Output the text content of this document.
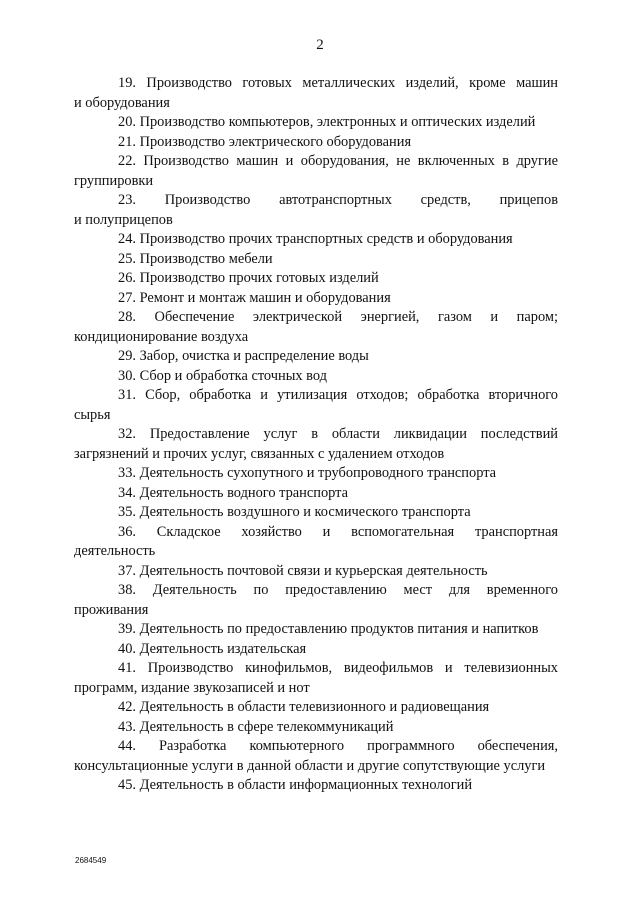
2

19. Производство готовых металлических изделий, кроме машин
и оборудования

20. Производство компьютеров, электронных и оптических изделий

21. Производство электрического оборудования

22. Производство машин и оборудования, не включенных в другие
группировки

23. Производство автотранспортных средств, прицепов
и полуприцепов

24. Производство прочих транспортных средств и оборудования

25. Производство мебели

26. Производство прочих готовых изделий

27. Ремонт и монтаж машин и оборудования

28. Обеспечение электрической энергией, газом и паром;
кондиционирование воздуха

29. Забор, очистка и распределение воды

30. Сбор и обработка сточных вод

31. Сбор, обработка и утилизация отходов; обработка вторичного
сырья

32. Предоставление услуг в области ликвидации последствий
загрязнений и прочих услуг, связанных с удалением отходов

33. Деятельность сухопутного и трубопроводного транспорта

34. Деятельность водного транспорта

35. Деятельность воздушного и космического транспорта

36. Складское хозяйство и вспомогательная транспортная
деятельность

37. Деятельность почтовой связи и курьерская деятельность

38. Деятельность по предоставлению мест для временного
проживания

39. Деятельность по предоставлению продуктов питания и напитков

40. Деятельность издательская

41. Производство кинофильмов, видеофильмов и телевизионных
программ, издание звукозаписей и нот

42. Деятельность в области телевизионного и радиовещания

43. Деятельность в сфере телекоммуникаций

44. Разработка компьютерного программного обеспечения,
консультационные услуги в данной области и другие сопутствующие услуги

45. Деятельность в области информационных технологий

2684549
